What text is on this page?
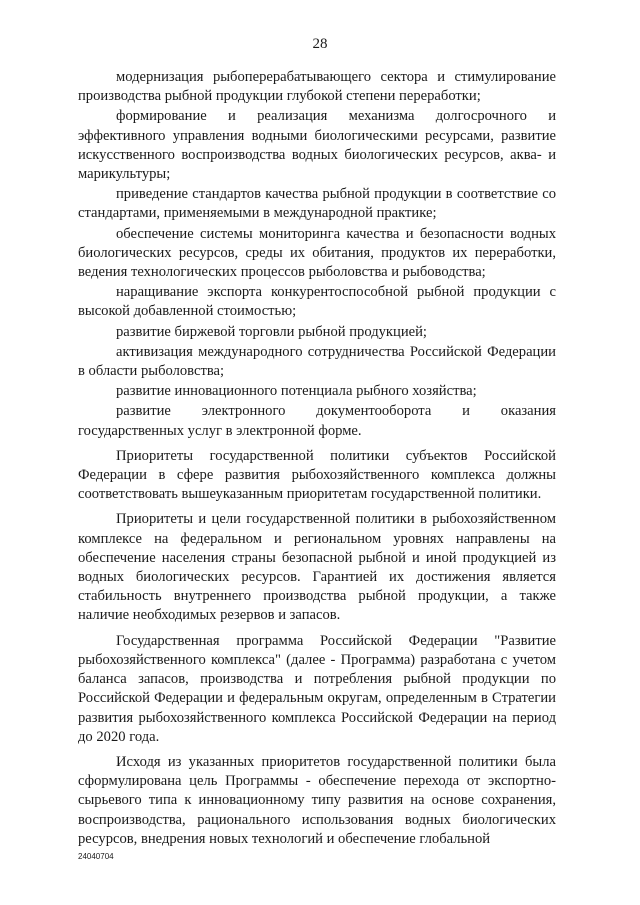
28

модернизация рыбоперерабатывающего сектора и стимулирование производства рыбной продукции глубокой степени переработки;

формирование и реализация механизма долгосрочного и эффективного управления водными биологическими ресурсами, развитие искусственного воспроизводства водных биологических ресурсов, аква- и марикультуры;

приведение стандартов качества рыбной продукции в соответствие со стандартами, применяемыми в международной практике;

обеспечение системы мониторинга качества и безопасности водных биологических ресурсов, среды их обитания, продуктов их переработки, ведения технологических процессов рыболовства и рыбоводства;

наращивание экспорта конкурентоспособной рыбной продукции с высокой добавленной стоимостью;

развитие биржевой торговли рыбной продукцией;

активизация международного сотрудничества Российской Федерации в области рыболовства;

развитие инновационного потенциала рыбного хозяйства;

развитие электронного документооборота и оказания государственных услуг в электронной форме.

Приоритеты государственной политики субъектов Российской Федерации в сфере развития рыбохозяйственного комплекса должны соответствовать вышеуказанным приоритетам государственной политики.

Приоритеты и цели государственной политики в рыбохозяйственном комплексе на федеральном и региональном уровнях направлены на обеспечение населения страны безопасной рыбной и иной продукцией из водных биологических ресурсов. Гарантией их достижения является стабильность внутреннего производства рыбной продукции, а также наличие необходимых резервов и запасов.

Государственная программа Российской Федерации "Развитие рыбохозяйственного комплекса" (далее - Программа) разработана с учетом баланса запасов, производства и потребления рыбной продукции по Российской Федерации и федеральным округам, определенным в Стратегии развития рыбохозяйственного комплекса Российской Федерации на период до 2020 года.

Исходя из указанных приоритетов государственной политики была сформулирована цель Программы - обеспечение перехода от экспортно-сырьевого типа к инновационному типу развития на основе сохранения, воспроизводства, рационального использования водных биологических ресурсов, внедрения новых технологий и обеспечение глобальной

24040704
